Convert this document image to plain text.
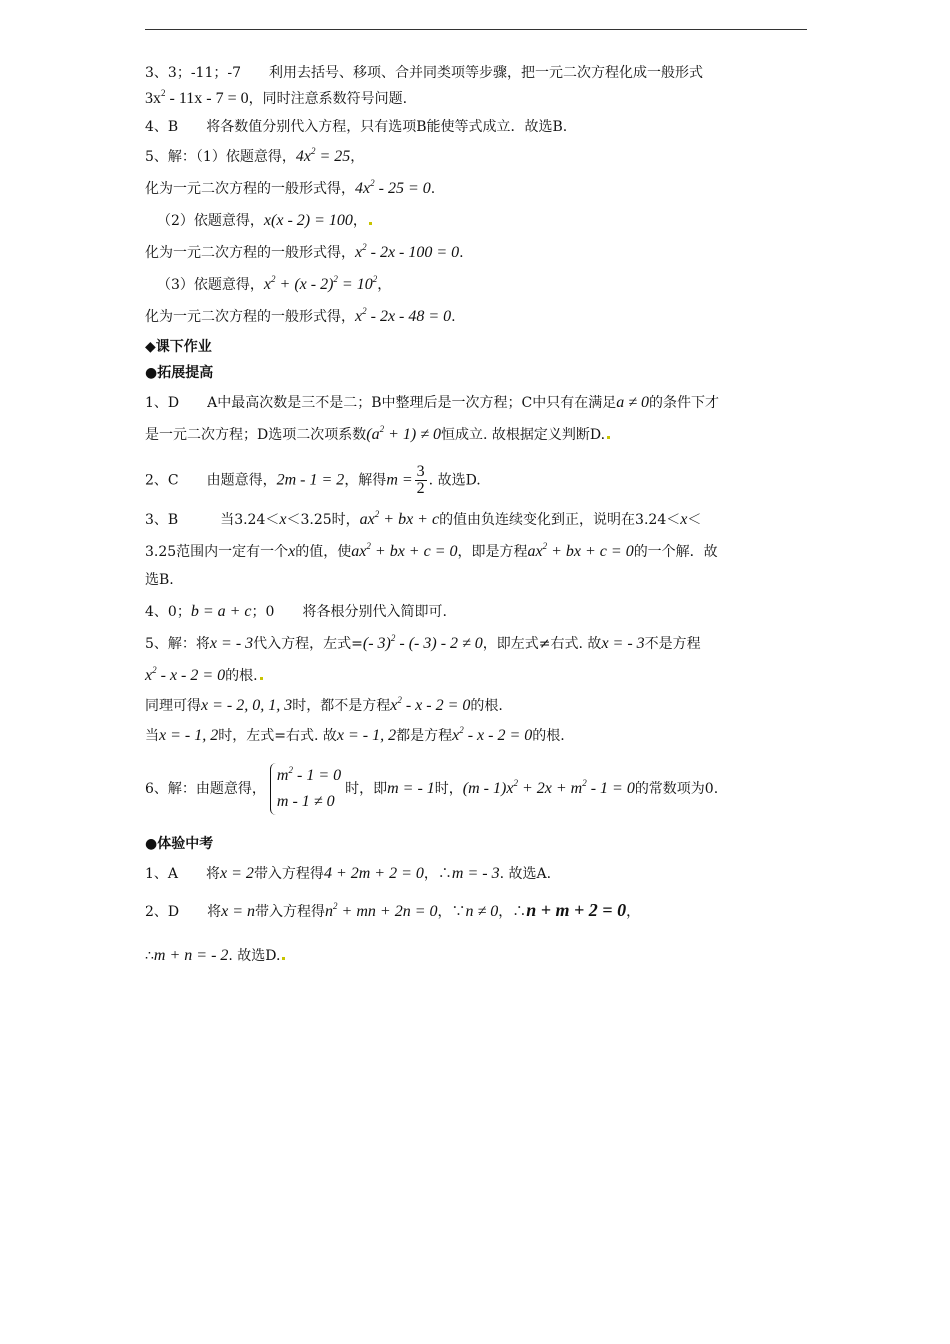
3、3；-11；-7　　利用去括号、移项、合并同类项等步骤，把一元二次方程化成一般形式
$3x^2 - 11x - 7 = 0$，同时注意系数符号问题.
4、B　　将各数值分别代入方程，只有选项B能使等式成立．故选B.
5、解：（1）依题意得，$4x^2 = 25$，
化为一元二次方程的一般形式得，$4x^2 - 25 = 0$.
（2）依题意得，x(x - 2) = 100，
化为一元二次方程的一般形式得，$x^2 - 2x - 100 = 0$.
（3）依题意得，$x^2 + (x - 2)^2 = 10^2$，
化为一元二次方程的一般形式得，$x^2 - 2x - 48 = 0$.
◆课下作业
●拓展提高
1、D　　A中最高次数是三不是二；B中整理后是一次方程；C中只有在满足a ≠ 0的条件下才
是一元二次方程；D选项二次项系数$(a^2 + 1) \ne 0$恒成立. 故根据定义判断D.
2、C　　由题意得，2m - 1 = 2，解得$m = \frac{3}{2}$ . 故选D.
3、B　　　当3.24＜x＜3.25时，$ax^2$ + bx + c的值由负连续变化到正，说明在3.24＜x＜
3.25范围内一定有一个x的值，使$ax^2$ + bx + c = 0，即是方程$ax^2$ + bx + c = 0的一个解．故
选B.
4、0；b = a + c；0　　将各根分别代入简即可.
5、解：将x = - 3代入方程，左式=(- 3)$^2$ - (- 3) - 2 ≠ 0，即左式≠右式. 故x = - 3不是方程
$x^2 - x - 2 = 0$的根.
同理可得x = - 2, 0, 1, 3时，都不是方程$x^2 - x - 2 = 0$的根.
当x = - 1, 2时，左式=右式. 故x = - 1, 2都是方程$x^2 - x - 2 = 0$的根.
6、解：由题意得，
$m^2 - 1 = 0$
m - 1 ≠ 0
时，即m = - 1时，$(m - 1)x^2 + 2x + m^2 - 1 = 0$的常数项为0.
●体验中考
1、A　　将x = 2带入方程得4 + 2m + 2 = 0，∴m = - 3. 故选A.
2、D　　将x = n带入方程得$n^2$ + mn + 2n = 0，∵n ≠ 0，∴n + m + 2 = 0，
∴m + n = - 2. 故选D.
